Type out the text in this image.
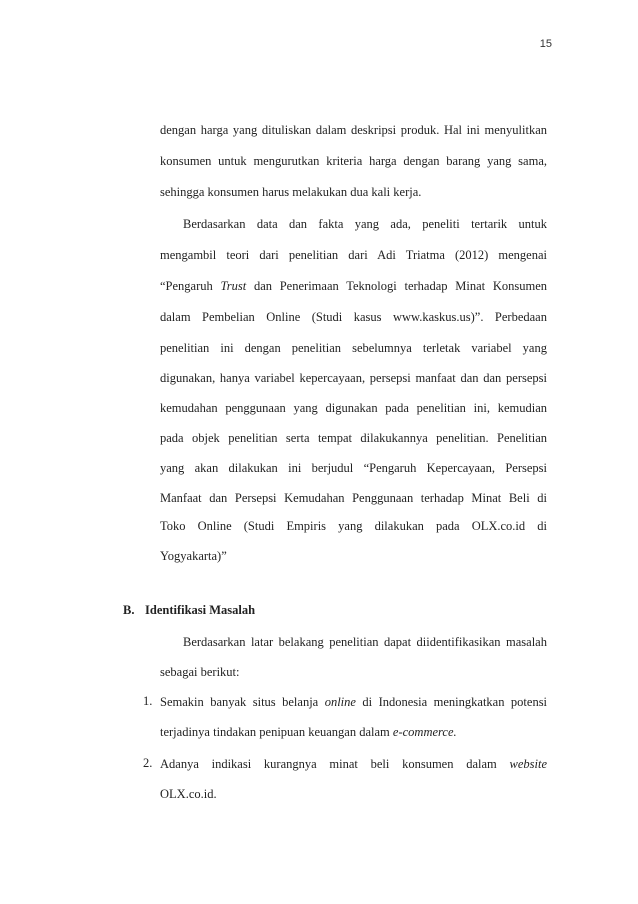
15
dengan harga yang dituliskan dalam deskripsi produk. Hal ini menyulitkan
konsumen untuk mengurutkan kriteria harga dengan barang yang sama,
sehingga konsumen harus melakukan dua kali kerja.
Berdasarkan data dan fakta yang ada, peneliti tertarik untuk
mengambil teori dari penelitian dari Adi Triatma (2012) mengenai
“Pengaruh Trust dan Penerimaan Teknologi terhadap Minat Konsumen
dalam Pembelian Online (Studi kasus www.kaskus.us)”. Perbedaan
penelitian ini dengan penelitian sebelumnya terletak variabel yang
digunakan, hanya variabel kepercayaan, persepsi manfaat dan dan persepsi
kemudahan penggunaan yang digunakan pada penelitian ini, kemudian
pada objek penelitian serta tempat dilakukannya penelitian. Penelitian
yang akan dilakukan ini berjudul “Pengaruh Kepercayaan, Persepsi
Manfaat dan Persepsi Kemudahan Penggunaan terhadap Minat Beli di
Toko Online (Studi Empiris yang dilakukan pada OLX.co.id di
Yogyakarta)”
B. Identifikasi Masalah
Berdasarkan latar belakang penelitian dapat diidentifikasikan masalah
sebagai berikut:
1. Semakin banyak situs belanja online di Indonesia meningkatkan potensi
terjadinya tindakan penipuan keuangan dalam e-commerce.
2. Adanya indikasi kurangnya minat beli konsumen dalam website
OLX.co.id.
